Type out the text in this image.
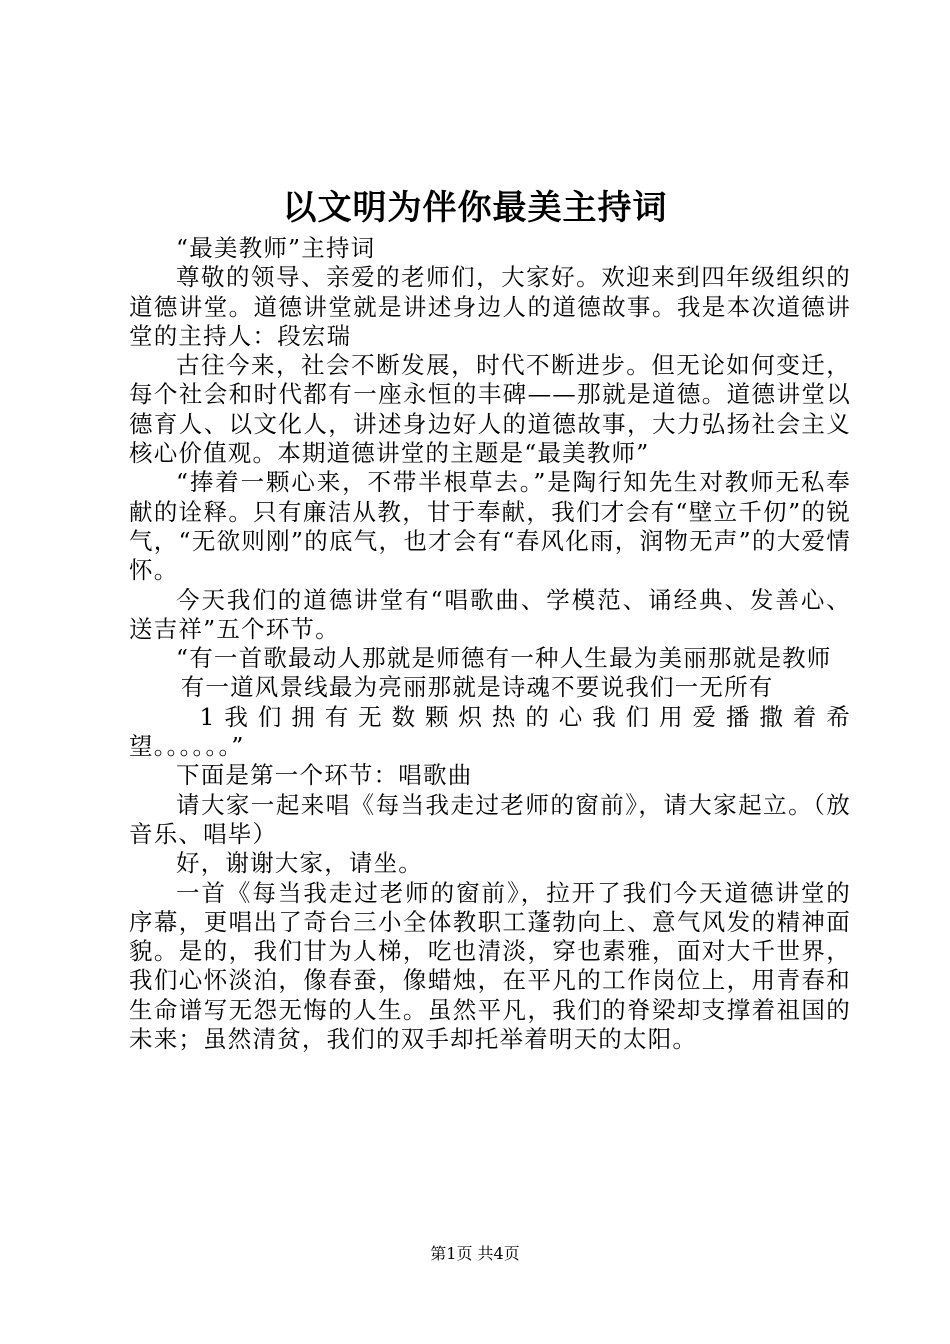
以文明为伴你最美主持词

“最美教师”主持词

尊敬的领导、亲爱的老师们，大家好。欢迎来到四年级组织的道德讲堂。道德讲堂就是讲述身边人的道德故事。我是本次道德讲堂的主持人：段宏瑞

古往今来，社会不断发展，时代不断进步。但无论如何变迁，每个社会和时代都有一座永恒的丰碑——那就是道德。道德讲堂以德育人、以文化人，讲述身边好人的道德故事，大力弘扬社会主义核心价值观。本期道德讲堂的主题是“最美教师”

“捧着一颗心来，不带半根草去。”是陶行知先生对教师无私奉献的诠释。只有廉洁从教，甘于奉献，我们才会有“壁立千仞”的锐气，“无欲则刚”的底气，也才会有“春风化雨，润物无声”的大爱情怀。

今天我们的道德讲堂有“唱歌曲、学模范、诵经典、发善心、送吉祥”五个环节。

“有一首歌最动人那就是师德有一种人生最为美丽那就是教师

有一道风景线最为亮丽那就是诗魂不要说我们一无所有

1我们拥有无数颗炽热的心我们用爱播撒着希

望。。。。。。”

下面是第一个环节：唱歌曲

请大家一起来唱《每当我走过老师的窗前》，请大家起立。（放音乐、唱毕）

好，谢谢大家，请坐。

一首《每当我走过老师的窗前》，拉开了我们今天道德讲堂的序幕，更唱出了奇台三小全体教职工蓬勃向上、意气风发的精神面貌。是的，我们甘为人梯，吃也清淡，穿也素雅，面对大千世界，我们心怀淡泊，像春蚕，像蜡烛，在平凡的工作岗位上，用青春和生命谱写无怨无悔的人生。虽然平凡，我们的脊梁却支撑着祖国的未来；虽然清贫，我们的双手却托举着明天的太阳。

第1页 共4页
